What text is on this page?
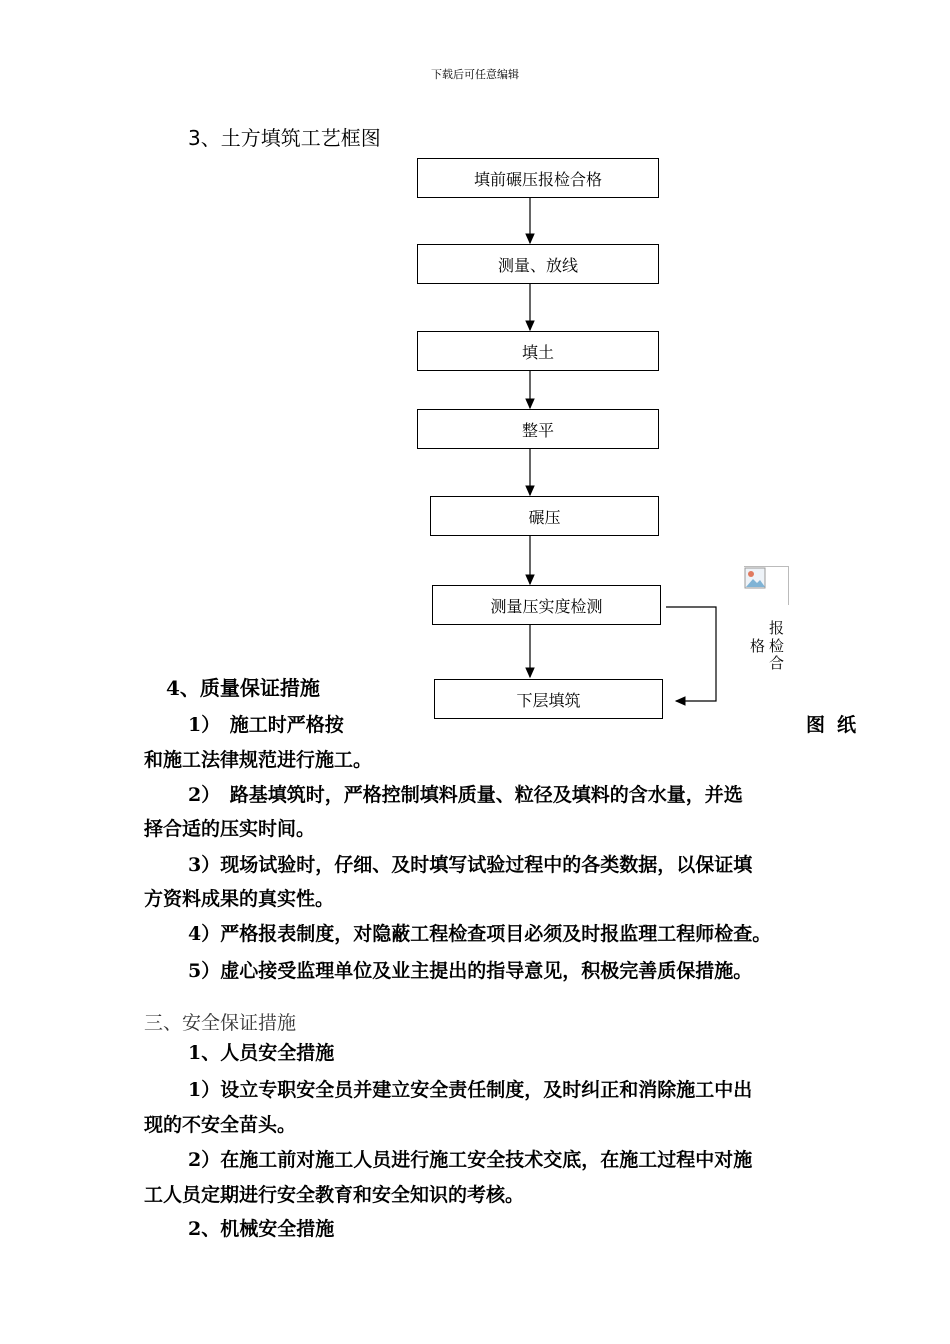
下载后可任意编辑
3、土方填筑工艺框图
填前碾压报检合格
测量、放线
填土
整平
碾压
测量压实度检测
下层填筑
报
格 检
合
4、质量保证措施
1）　施工时严格按	图纸
和施工法律规范进行施工。
2）　路基填筑时，严格控制填料质量、粒径及填料的含水量，并选
择合适的压实时间。
3）现场试验时，仔细、及时填写试验过程中的各类数据，以保证填
方资料成果的真实性。
4）严格报表制度，对隐蔽工程检查项目必须及时报监理工程师检查。
5）虚心接受监理单位及业主提出的指导意见，积极完善质保措施。
三、安全保证措施
1、人员安全措施
1）设立专职安全员并建立安全责任制度，及时纠正和消除施工中出
现的不安全苗头。
2）在施工前对施工人员进行施工安全技术交底，在施工过程中对施
工人员定期进行安全教育和安全知识的考核。
2、机械安全措施
